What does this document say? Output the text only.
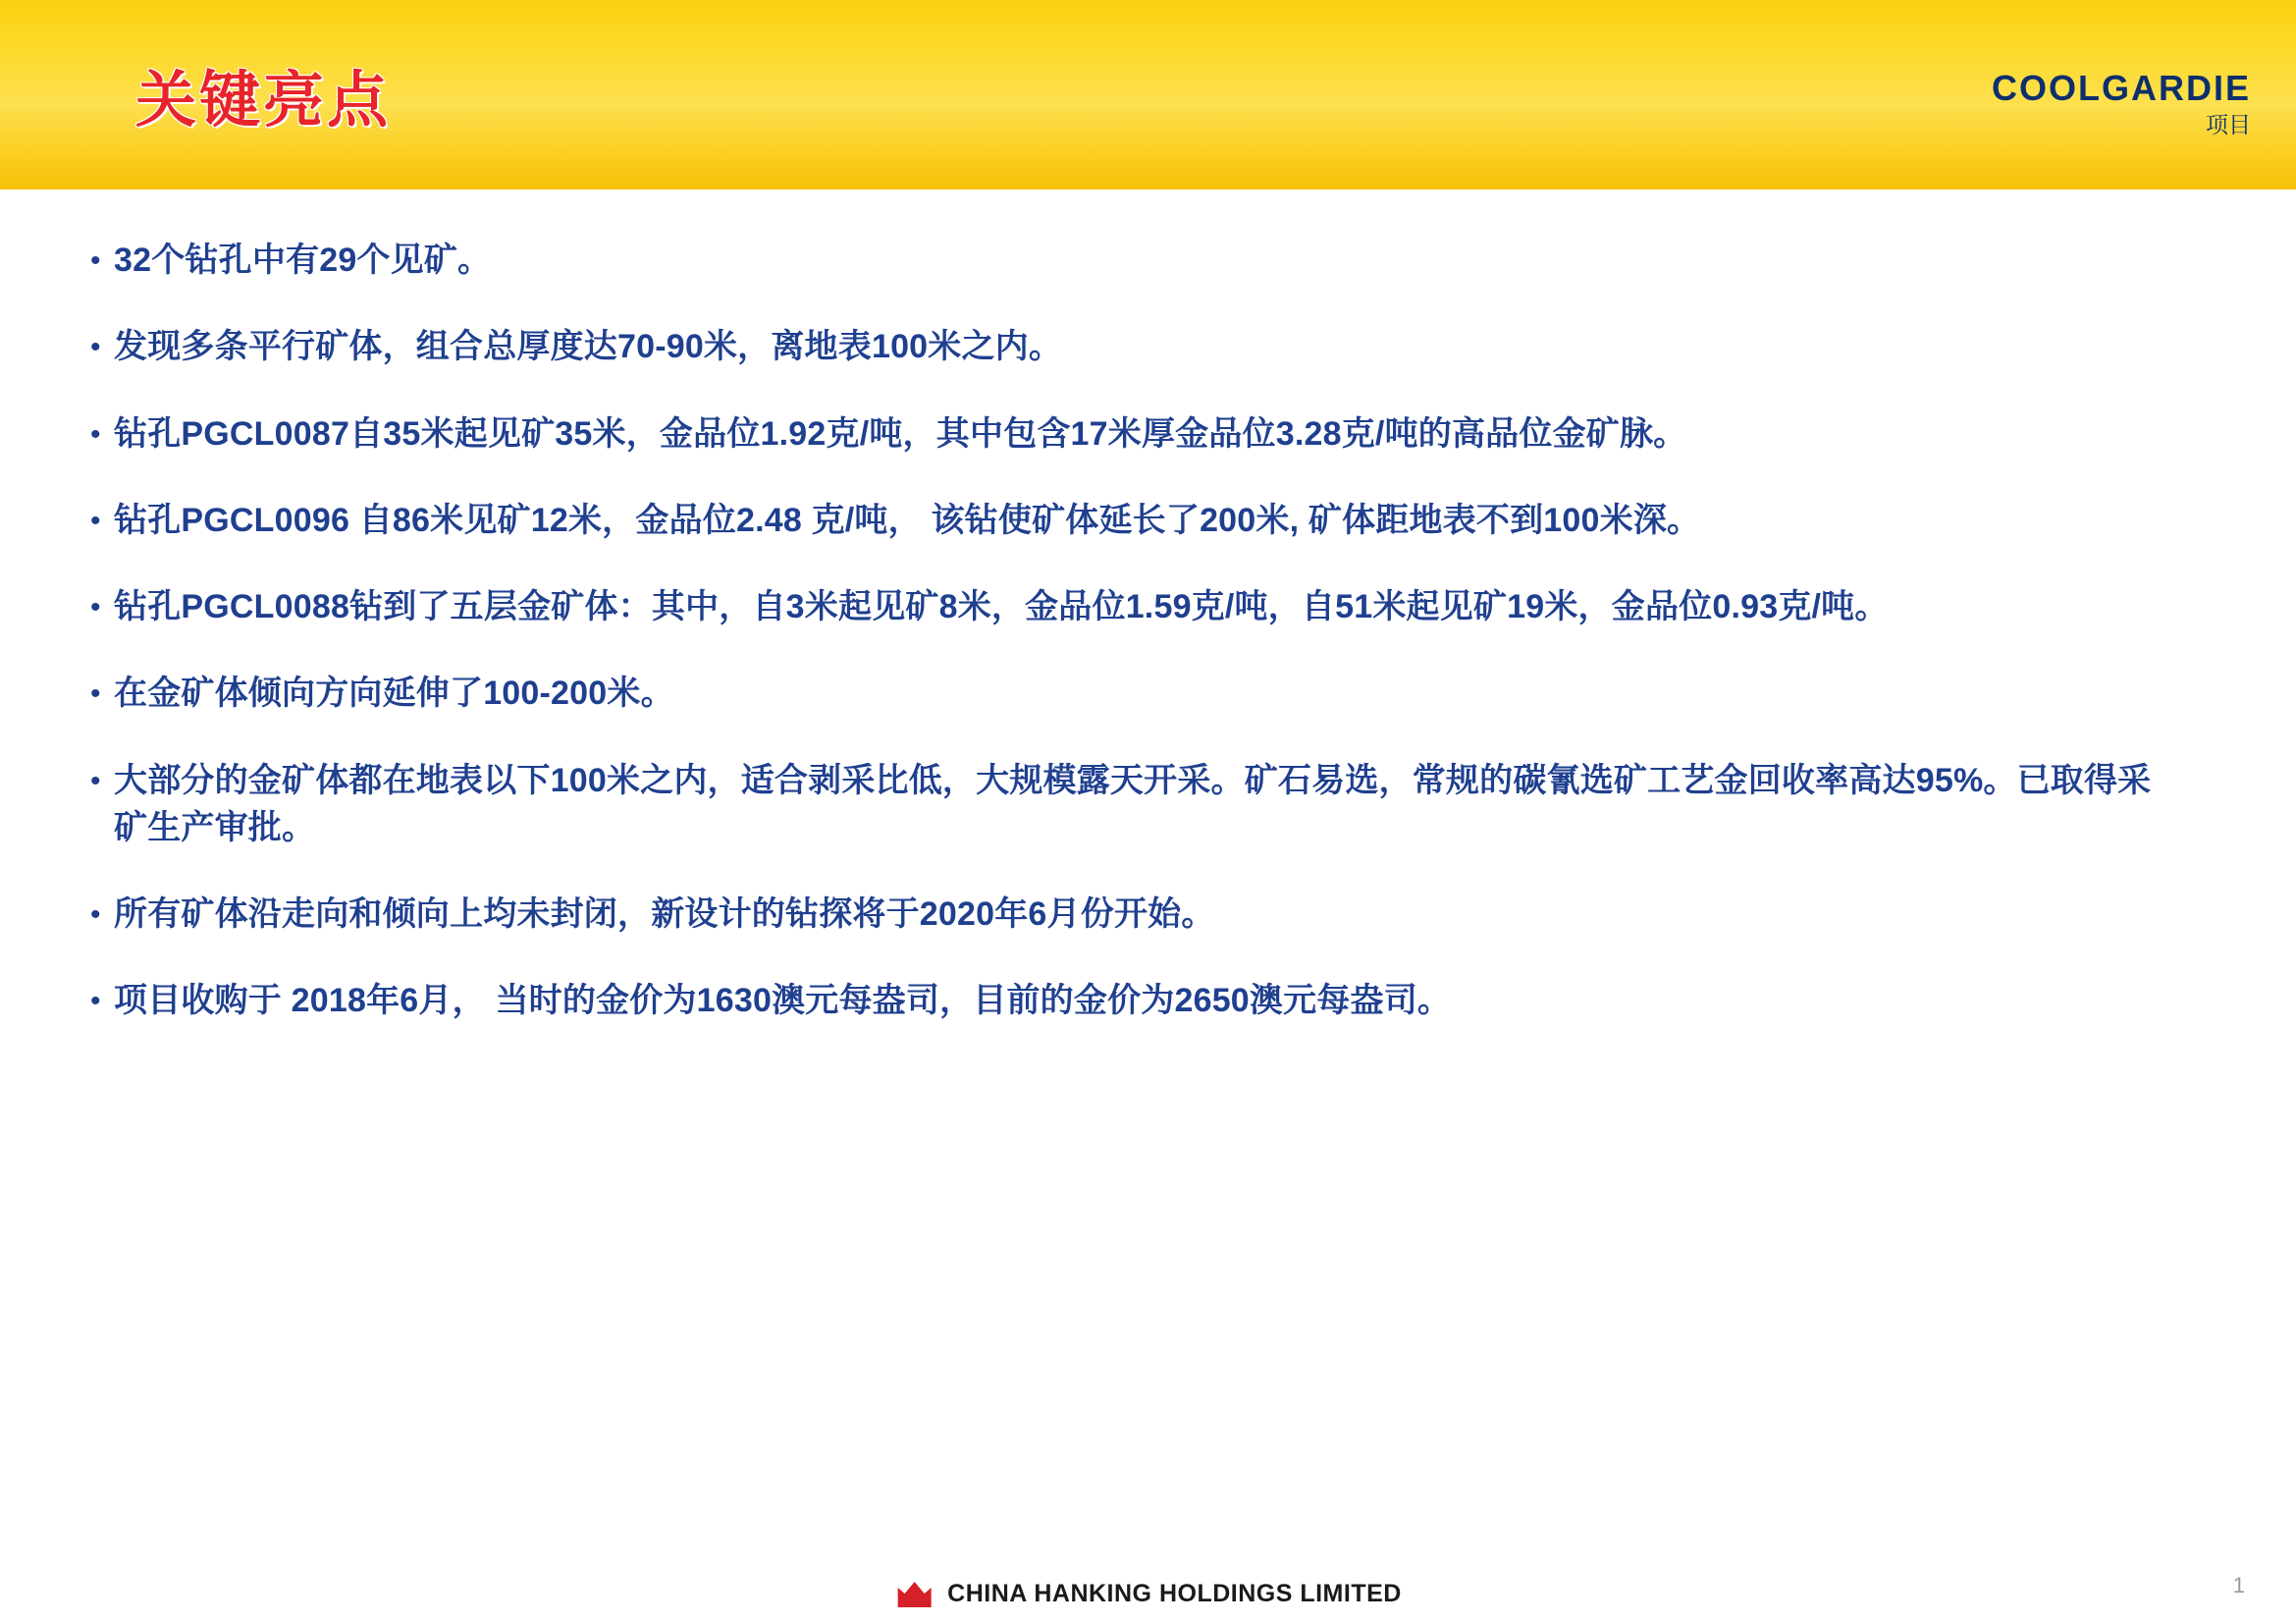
关键亮点	COOLGARDIE
项目
• 32个钻孔中有29个见矿。
• 发现多条平行矿体，组合总厚度达70-90米，离地表100米之内。
• 钻孔PGCL0087自35米起见矿35米，金品位1.92克/吨，其中包含17米厚金品位3.28克/吨的高品位金矿脉。
• 钻孔PGCL0096 自86米见矿12米，金品位2.48 克/吨， 该钻使矿体延长了200米, 矿体距地表不到100米深。
• 钻孔PGCL0088钻到了五层金矿体：其中，自3米起见矿8米，金品位1.59克/吨，自51米起见矿19米，金品位0.93克/吨。
• 在金矿体倾向方向延伸了100-200米。
• 大部分的金矿体都在地表以下100米之内，适合剥采比低，大规模露天开采。矿石易选，常规的碳氰选矿工艺金回收率高达95%。已取得采矿生产审批。
• 所有矿体沿走向和倾向上均未封闭，新设计的钻探将于2020年6月份开始。
• 项目收购于 2018年6月， 当时的金价为1630澳元每盎司，目前的金价为2650澳元每盎司。
CHINA HANKING HOLDINGS LIMITED	1
